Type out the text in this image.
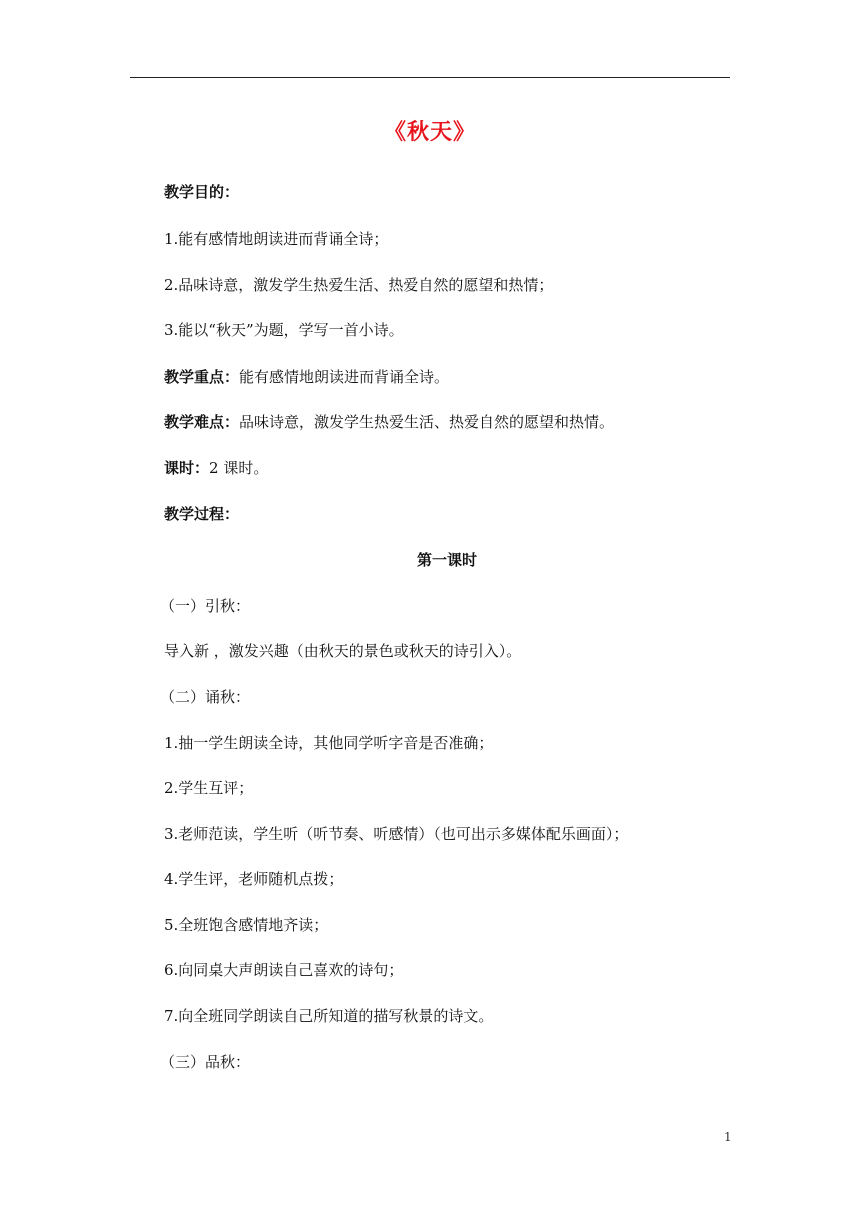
《秋天》
教学目的：
1.能有感情地朗读进而背诵全诗；
2.品味诗意，激发学生热爱生活、热爱自然的愿望和热情；
3.能以“秋天”为题，学写一首小诗。
教学重点：能有感情地朗读进而背诵全诗。
教学难点：品味诗意，激发学生热爱生活、热爱自然的愿望和热情。
课时：2 课时。
教学过程：
第一课时
（一）引秋：
导入新 ，激发兴趣（由秋天的景色或秋天的诗引入）。
（二）诵秋：
1.抽一学生朗读全诗，其他同学听字音是否准确；
2.学生互评；
3.老师范读，学生听（听节奏、听感情）（也可出示多媒体配乐画面）；
4.学生评，老师随机点拨；
5.全班饱含感情地齐读；
6.向同桌大声朗读自己喜欢的诗句；
7.向全班同学朗读自己所知道的描写秋景的诗文。
（三）品秋：
1
